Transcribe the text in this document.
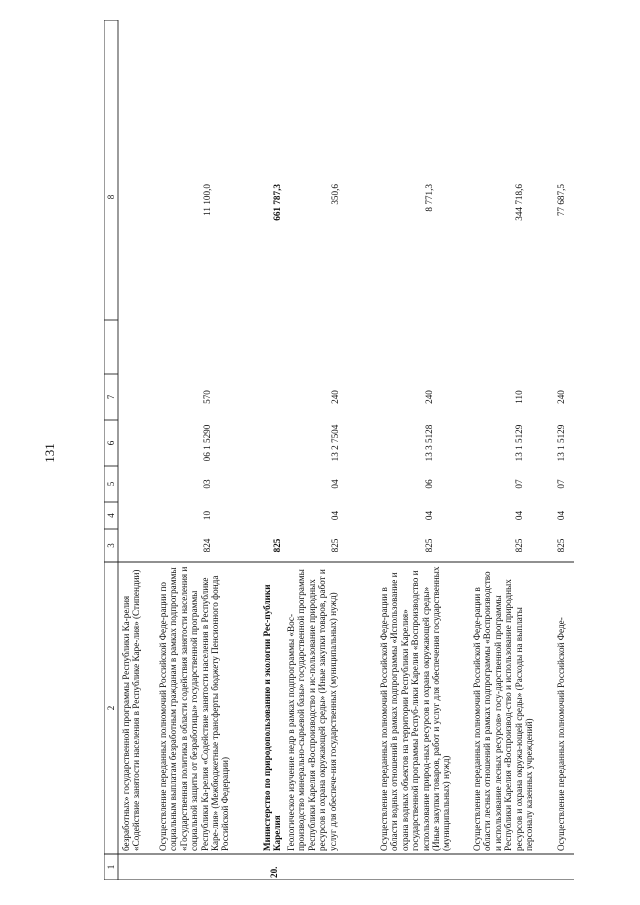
131
1
2
3
4
5
6
7
8
безработных» государственной программы Республики Ка-релия «Содействие занятости населения в Республике Каре-лия» (Стипендии) Осуществление переданных полномочий Российской Феде-рации по социальным выплатам безработным гражданам в рамках подпрограммы «Государственная политика в области содействия занятости населения и социальной защиты от безработицы» государственной программы Республики Ка-релия «Содействие занятости населения в Республике Каре-лия» (Межбюджетные трансферты бюджету Пенсионного фонда Российской Федерации)
824
10
03
06 1 5290
570
11 100,0
20.
Министерство по природопользованию и экологии Рес-публики Карелия
825
661 787,3
Геологическое изучение недр в рамках подпрограммы «Вос-производство минерально-сырьевой базы» государственной программы Республики Карелия «Воспроизводство и ис-пользование природных ресурсов и охрана окружающей среды» (Иные закупки товаров, работ и услуг для обеспече-ния государственных (муниципальных) нужд)
825
04
04
13 2 7504
240
350,6
Осуществление переданных полномочий Российской Феде-рации в области водных отношений в рамках подпрограммы «Использование и охрана водных объектов на территории Республики Карелия» государственной программы Респуб-лики Карелия «Воспроизводство и использование природ-ных ресурсов и охрана окружающей среды» (Иные закупки товаров, работ и услуг для обеспечения государственных (муниципальных) нужд)
825
04
06
13 3 5128
240
8 771,3
Осуществление переданных полномочий Российской Феде-рации в области лесных отношений в рамках подпрограммы «Воспроизводство и использование лесных ресурсов» госу-дарственной программы Республики Карелия «Воспроизвод-ство и использование природных ресурсов и охрана окружа-ющей среды» (Расходы на выплаты персоналу казенных учреждений)
825
04
07
13 1 5129
110
344 718,6
Осуществление переданных полномочий Российской Феде-
825
04
07
13 1 5129
240
77 687,5
